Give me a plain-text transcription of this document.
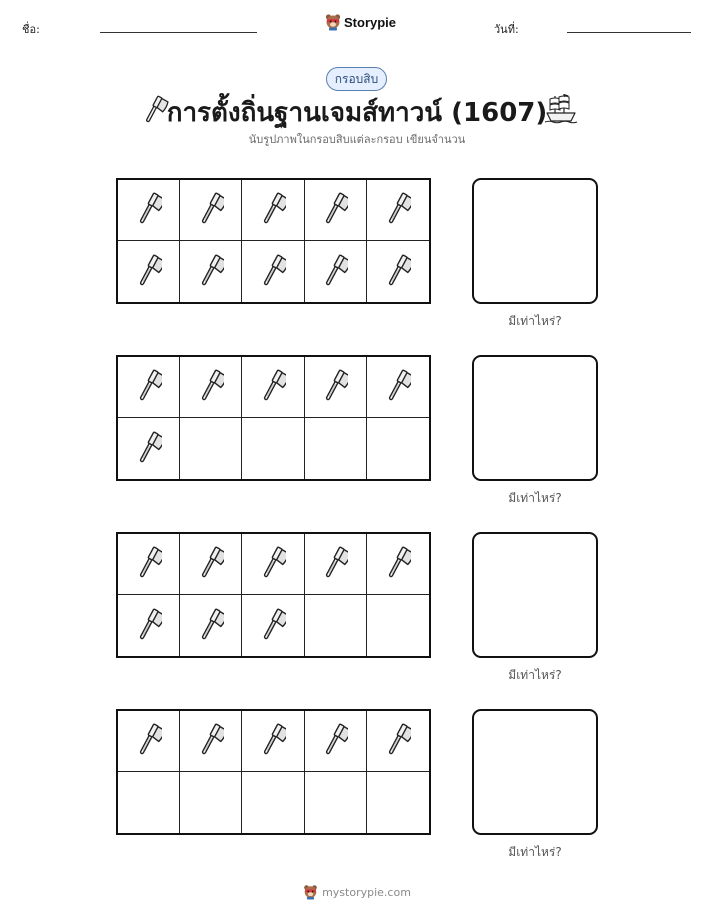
ชื่อ:	Storypie	วันที่:
กรอบสิบ
การตั้งถิ่นฐานเจมส์ทาวน์ (1607)
นับรูปภาพในกรอบสิบแต่ละกรอบ เขียนจำนวน
มีเท่าไหร่?
มีเท่าไหร่?
มีเท่าไหร่?
มีเท่าไหร่?
mystorypie.com
